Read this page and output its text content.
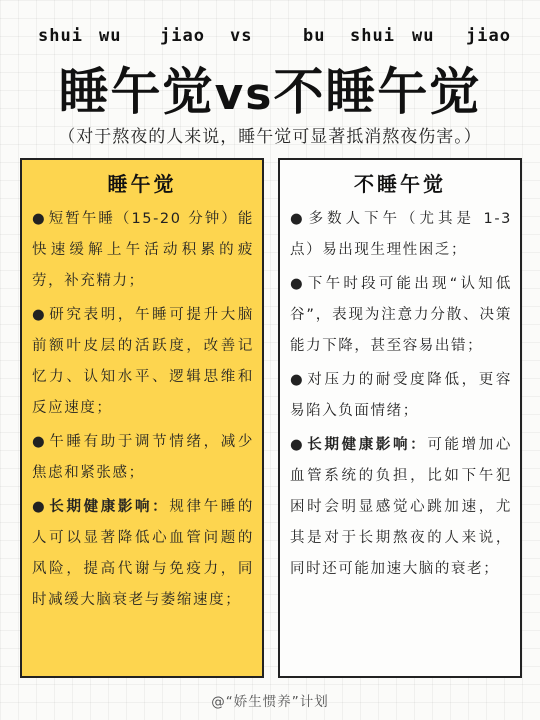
shui wu jiao vs	bu shui wu jiao
睡午觉vs不睡午觉
（对于熬夜的人来说，睡午觉可显著抵消熬夜伤害。）
睡午觉

● 短暂午睡（15-20 分钟）能快速缓解上午活动积累的疲劳，补充精力；

● 研究表明，午睡可提升大脑前额叶皮层的活跃度，改善记忆力、认知水平、逻辑思维和反应速度；

● 午睡有助于调节情绪，减少焦虑和紧张感；

● 长期健康影响：规律午睡的人可以显著降低心血管问题的风险，提高代谢与免疫力，同时减缓大脑衰老与萎缩速度；

不睡午觉

● 多数人下午（尤其是 1-3 点）易出现生理性困乏；

● 下午时段可能出现“认知低谷”，表现为注意力分散、决策能力下降，甚至容易出错；

● 对压力的耐受度降低，更容易陷入负面情绪；

● 长期健康影响：可能增加心血管系统的负担，比如下午犯困时会明显感觉心跳加速，尤其是对于长期熬夜的人来说，同时还可能加速大脑的衰老；

@“娇生惯养”计划
